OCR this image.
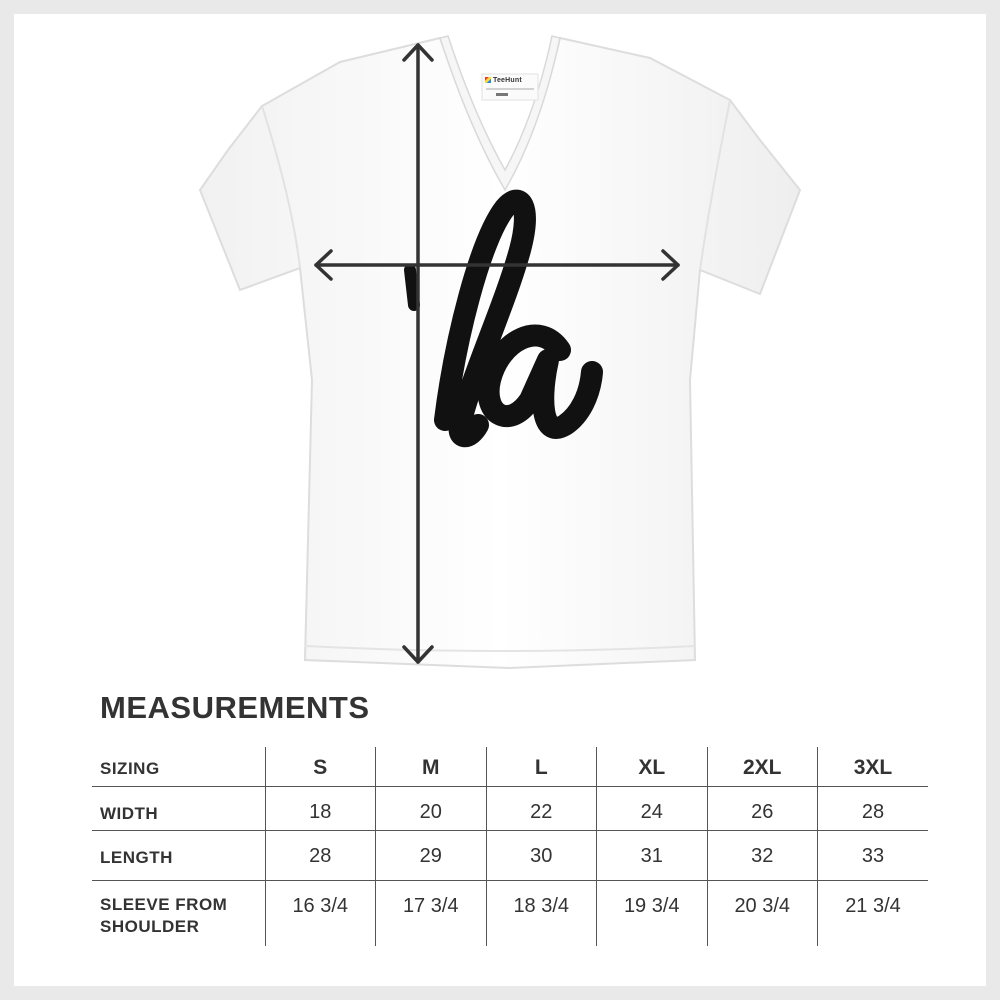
TeeHunt
MEASUREMENTS
SIZING	S	M	L	XL	2XL	3XL
WIDTH	18	20	22	24	26	28
LENGTH	28	29	30	31	32	33
SLEEVE FROM
SHOULDER	16 3/4	17 3/4	18 3/4	19 3/4	20 3/4	21 3/4
